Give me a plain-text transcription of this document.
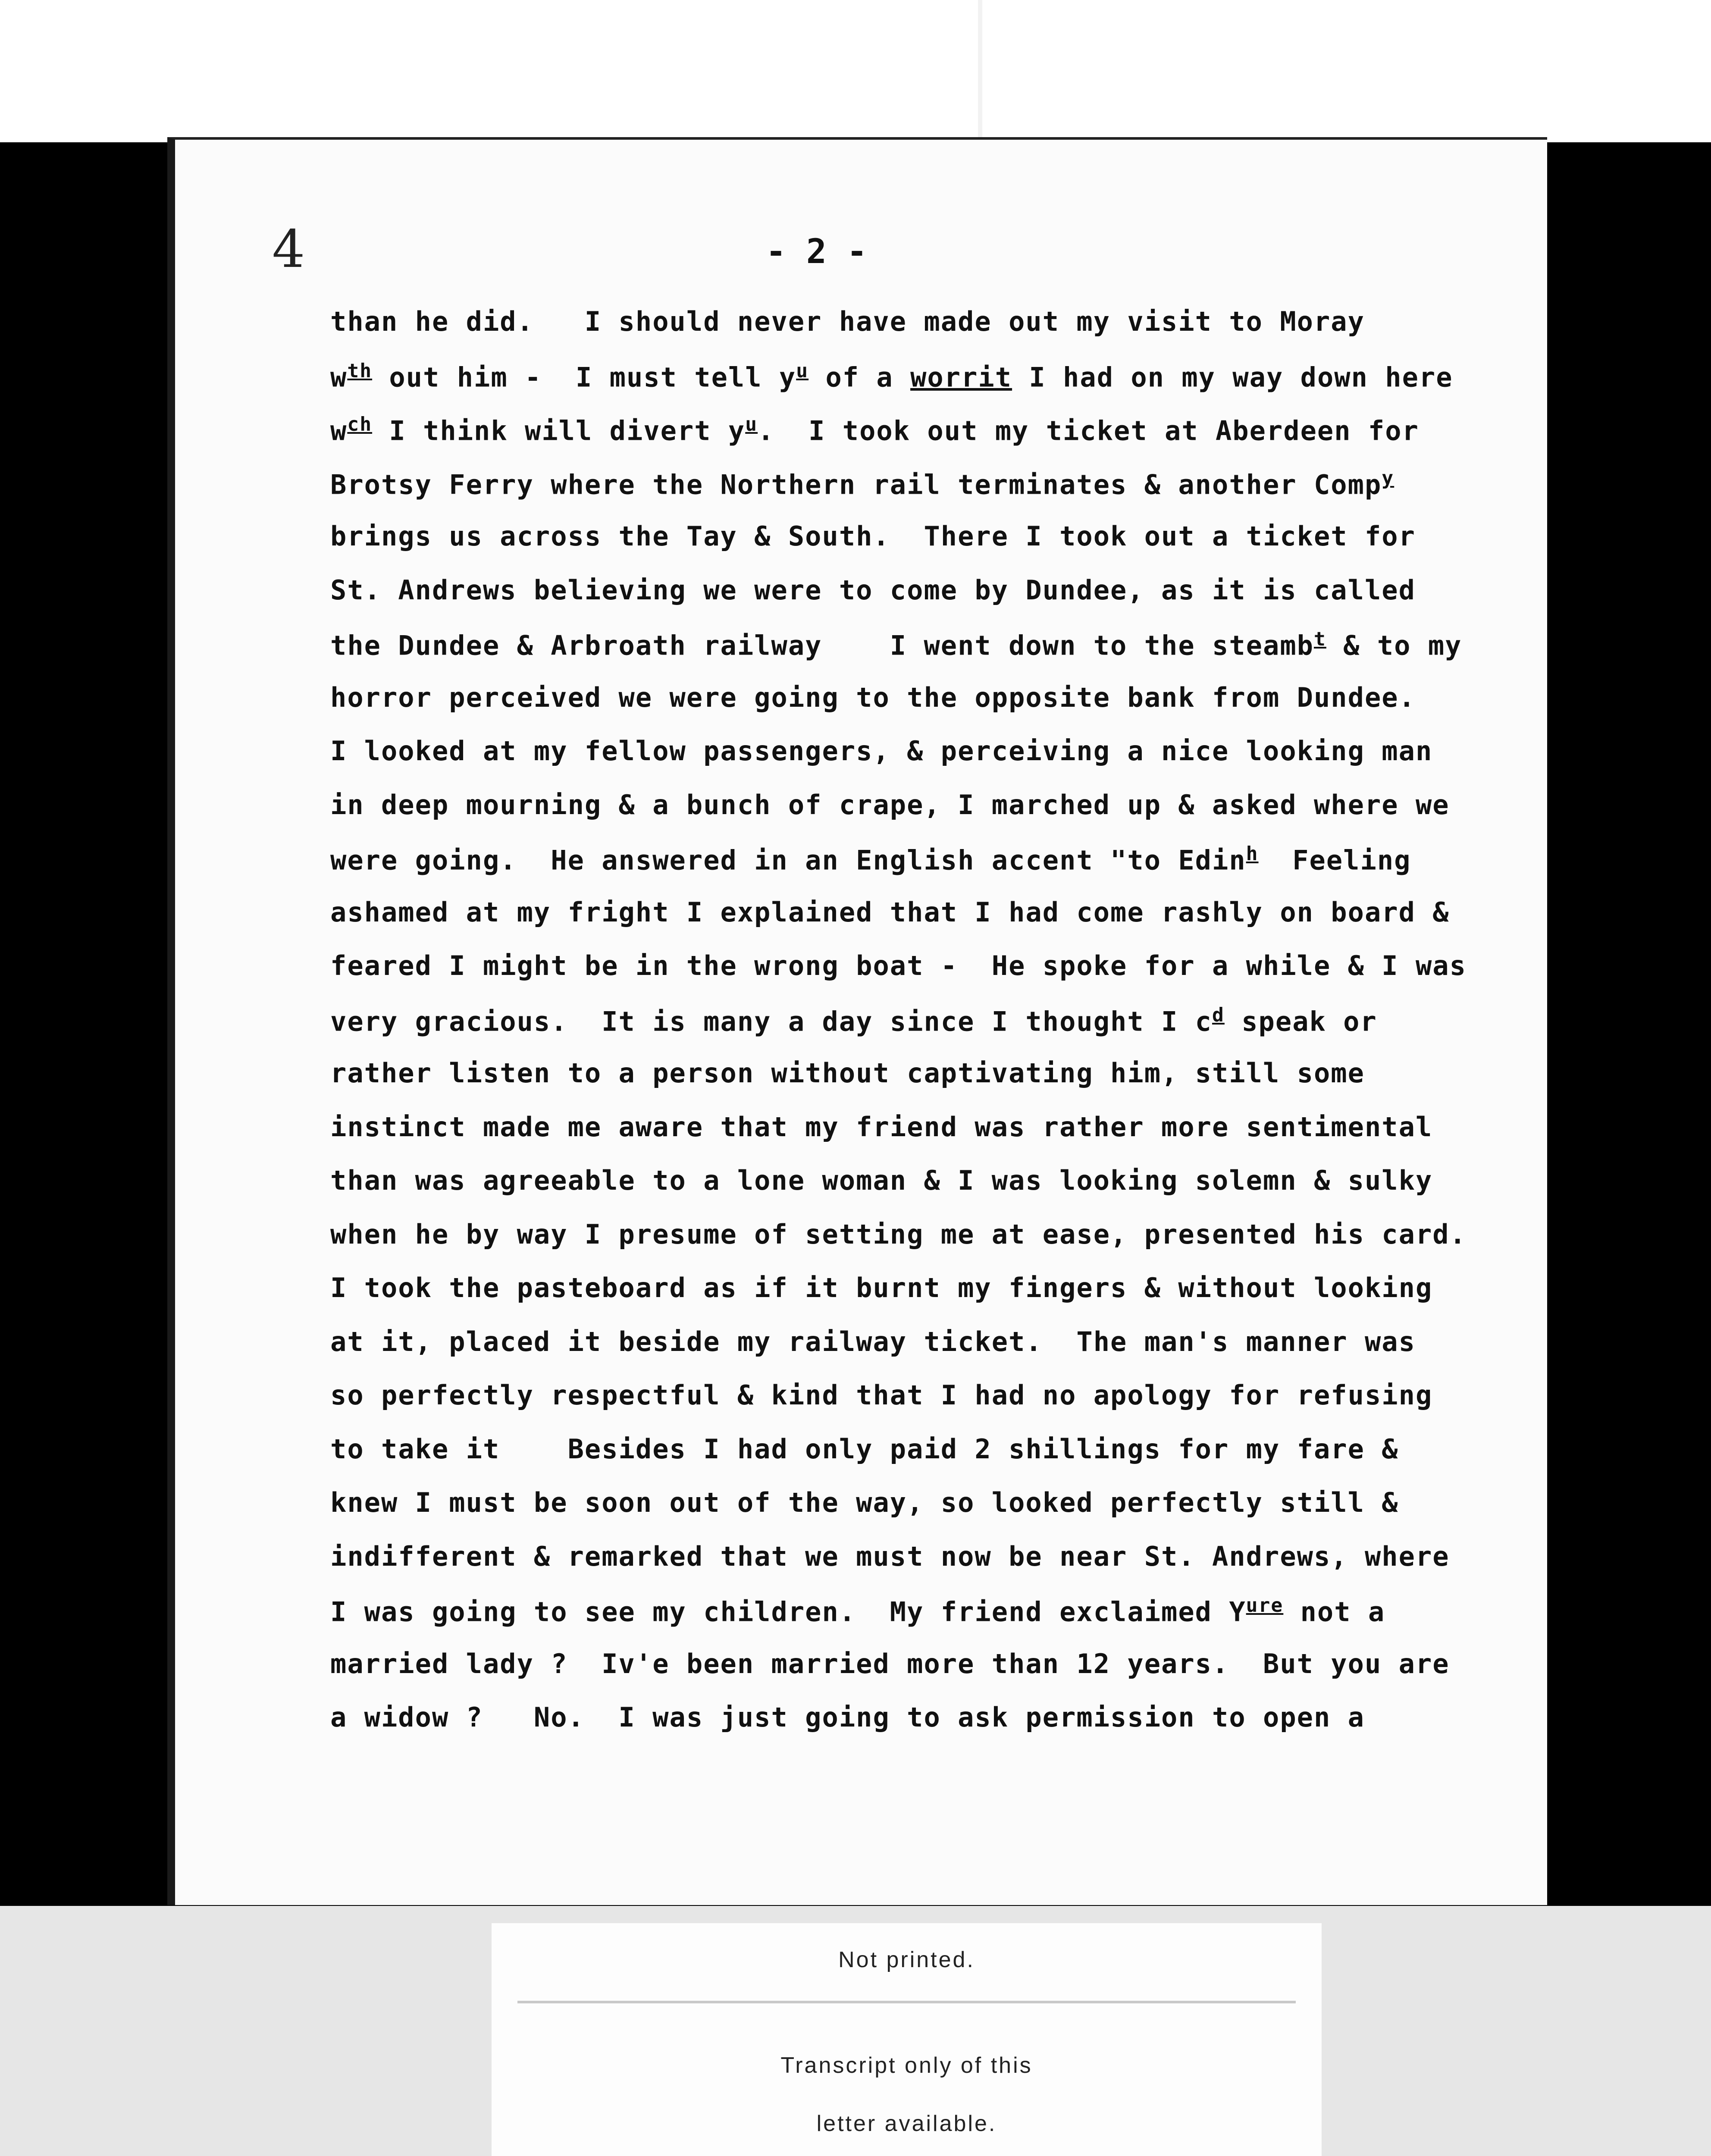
4	- 2 -
than he did.   I should never have made out my visit to Moray
$w^{th}$ out him -  I must tell $y^u$ of a worrit I had on my way down here
$w^{ch}$ I think will divert $y^u$.  I took out my ticket at Aberdeen for
Brotsy Ferry where the Northern rail terminates & another Comp$^y$
brings us across the Tay & South.  There I took out a ticket for
St. Andrews believing we were to come by Dundee, as it is called
the Dundee & Arbroath railway    I went down to the steamb$^t$ & to my
horror perceived we were going to the opposite bank from Dundee.
I looked at my fellow passengers, & perceiving a nice looking man
in deep mourning & a bunch of crape, I marched up & asked where we
were going.  He answered in an English accent "to Edin$^h$  Feeling
ashamed at my fright I explained that I had come rashly on board &
feared I might be in the wrong boat -  He spoke for a while & I was
very gracious.  It is many a day since I thought I $c^d$ speak or
rather listen to a person without captivating him, still some
instinct made me aware that my friend was rather more sentimental
than was agreeable to a lone woman & I was looking solemn & sulky
when he by way I presume of setting me at ease, presented his card.
I took the pasteboard as if it burnt my fingers & without looking
at it, placed it beside my railway ticket.  The man's manner was
so perfectly respectful & kind that I had no apology for refusing
to take it    Besides I had only paid 2 shillings for my fare &
knew I must be soon out of the way, so looked perfectly still &
indifferent & remarked that we must now be near St. Andrews, where
I was going to see my children.  My friend exclaimed $Y^{ure}$ not a
married lady ?  Iv'e been married more than 12 years.  But you are
a widow ?   No.  I was just going to ask permission to open a
Not printed.
Transcript only of this
letter available.
